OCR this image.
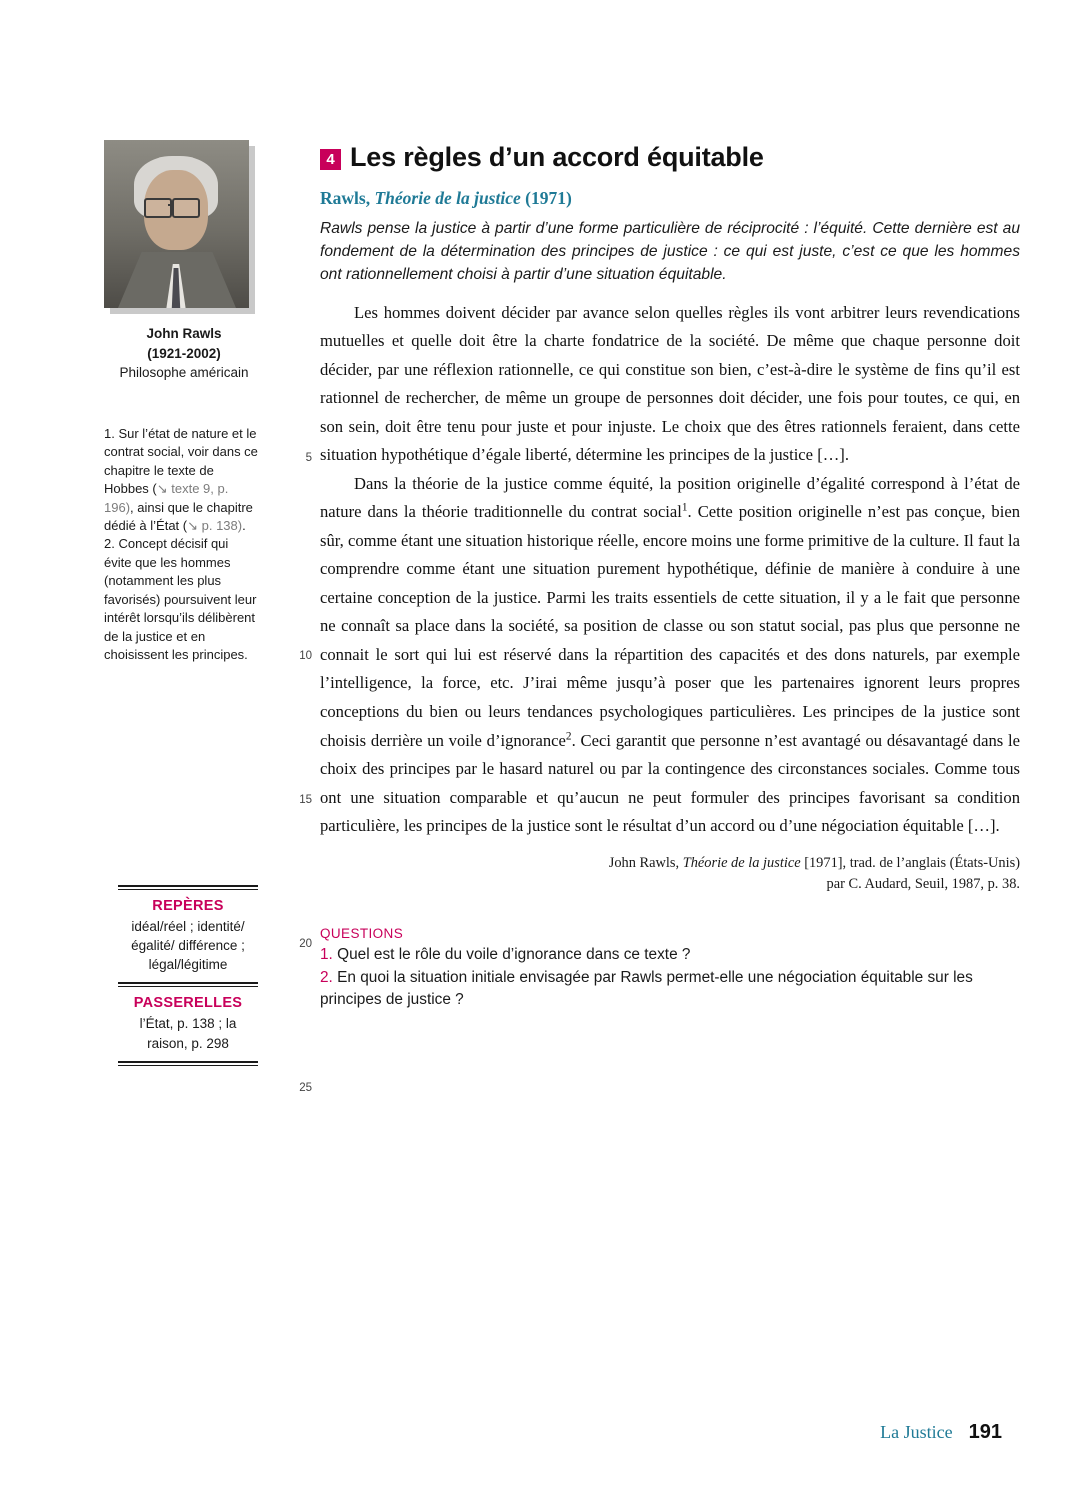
John Rawls
(1921-2002)
Philosophe américain

1. Sur l’état de nature et le contrat social, voir dans ce chapitre le texte de Hobbes (↘ texte 9, p. 196), ainsi que le chapitre dédié à l’État (↘ p. 138).

2. Concept décisif qui évite que les hommes (notamment les plus favorisés) poursuivent leur intérêt lorsqu’ils délibèrent de la justice et en choisissent les principes.

REPÈRES
idéal/réel ; identité/égalité/ différence ; légal/légitime
PASSERELLES
l’État, p. 138 ; la raison, p. 298
4 Les règles d’un accord équitable
Rawls, Théorie de la justice (1971)
Rawls pense la justice à partir d’une forme particulière de réciprocité : l’équité. Cette dernière est au fondement de la détermination des principes de justice : ce qui est juste, c’est ce que les hommes ont rationnellement choisi à partir d’une situation équitable.
5
10
15
20
25

Les hommes doivent décider par avance selon quelles règles ils vont arbitrer leurs revendications mutuelles et quelle doit être la charte fondatrice de la société. De même que chaque personne doit décider, par une réflexion rationnelle, ce qui constitue son bien, c’est-à-dire le système de fins qu’il est rationnel de rechercher, de même un groupe de personnes doit décider, une fois pour toutes, ce qui, en son sein, doit être tenu pour juste et pour injuste. Le choix que des êtres rationnels feraient, dans cette situation hypothétique d’égale liberté, détermine les principes de la justice […].

Dans la théorie de la justice comme équité, la position originelle d’égalité correspond à l’état de nature dans la théorie traditionnelle du contrat social$^1$. Cette position originelle n’est pas conçue, bien sûr, comme étant une situation historique réelle, encore moins une forme primitive de la culture. Il faut la comprendre comme étant une situation purement hypothétique, définie de manière à conduire à une certaine conception de la justice. Parmi les traits essentiels de cette situation, il y a le fait que personne ne connaît sa place dans la société, sa position de classe ou son statut social, pas plus que personne ne connait le sort qui lui est réservé dans la répartition des capacités et des dons naturels, par exemple l’intelligence, la force, etc. J’irai même jusqu’à poser que les partenaires ignorent leurs propres conceptions du bien ou leurs tendances psychologiques particulières. Les principes de la justice sont choisis derrière un voile d’ignorance$^2$. Ceci garantit que personne n’est avantagé ou désavantagé dans le choix des principes par le hasard naturel ou par la contingence des circonstances sociales. Comme tous ont une situation comparable et qu’aucun ne peut formuler des principes favorisant sa condition particulière, les principes de la justice sont le résultat d’un accord ou d’une négociation équitable […].

John Rawls, Théorie de la justice [1971], trad. de l’anglais (États-Unis)
par C. Audard, Seuil, 1987, p. 38.
QUESTIONS
1. Quel est le rôle du voile d’ignorance dans ce texte ?
2. En quoi la situation initiale envisagée par Rawls permet-elle une négociation équitable sur les principes de justice ?
La Justice 191
